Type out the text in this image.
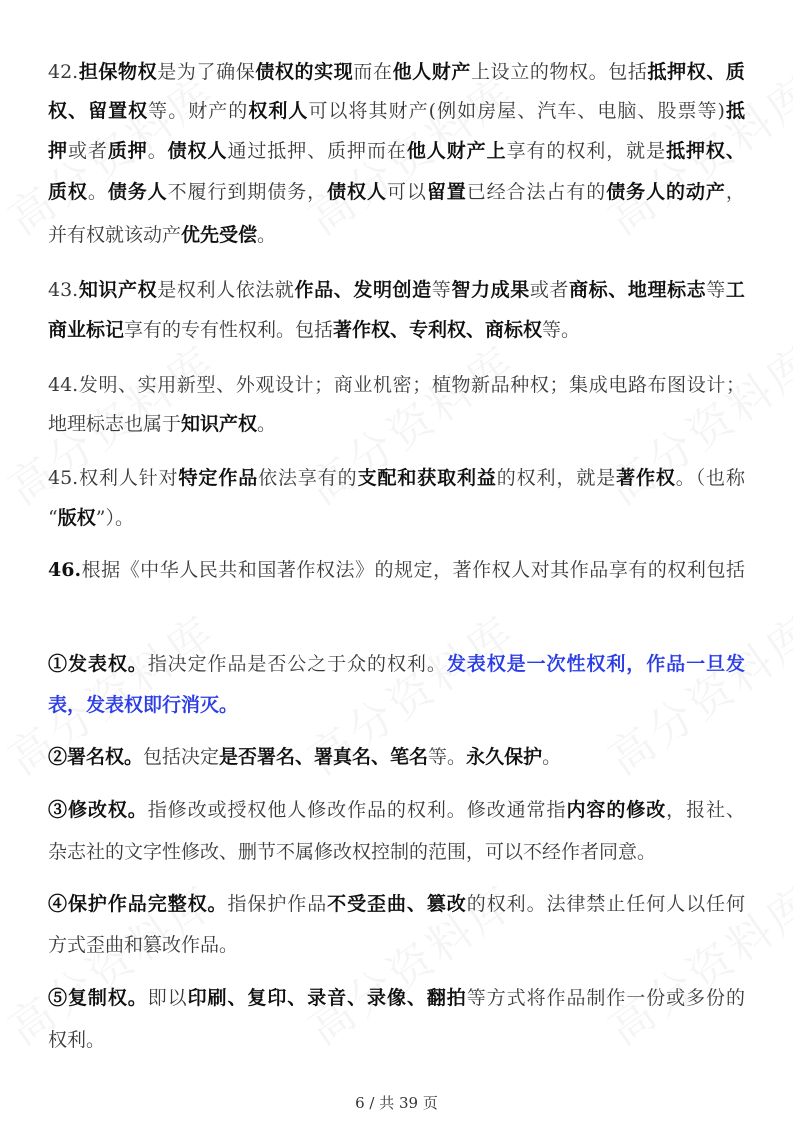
42.担保物权是为了确保债权的实现而在他人财产上设立的物权。包括抵押权、质
权、留置权等。财产的权利人可以将其财产(例如房屋、汽车、电脑、股票等)抵
押或者质押。债权人通过抵押、质押而在他人财产上享有的权利，就是抵押权、
质权。债务人不履行到期债务，债权人可以留置已经合法占有的债务人的动产，
并有权就该动产优先受偿。
43.知识产权是权利人依法就作品、发明创造等智力成果或者商标、地理标志等工
商业标记享有的专有性权利。包括著作权、专利权、商标权等。
44.发明、实用新型、外观设计；商业机密；植物新品种权；集成电路布图设计；
地理标志也属于知识产权。
45.权利人针对特定作品依法享有的支配和获取利益的权利，就是著作权。（也称
“版权”）。
46.根据《中华人民共和国著作权法》的规定，著作权人对其作品享有的权利包括
①发表权。指决定作品是否公之于众的权利。发表权是一次性权利，作品一旦发
表，发表权即行消灭。
②署名权。包括决定是否署名、署真名、笔名等。永久保护。
③修改权。指修改或授权他人修改作品的权利。修改通常指内容的修改，报社、
杂志社的文字性修改、删节不属修改权控制的范围，可以不经作者同意。
④保护作品完整权。指保护作品不受歪曲、篡改的权利。法律禁止任何人以任何
方式歪曲和篡改作品。
⑤复制权。即以印刷、复印、录音、录像、翻拍等方式将作品制作一份或多份的
权利。
6 / 共 39 页
